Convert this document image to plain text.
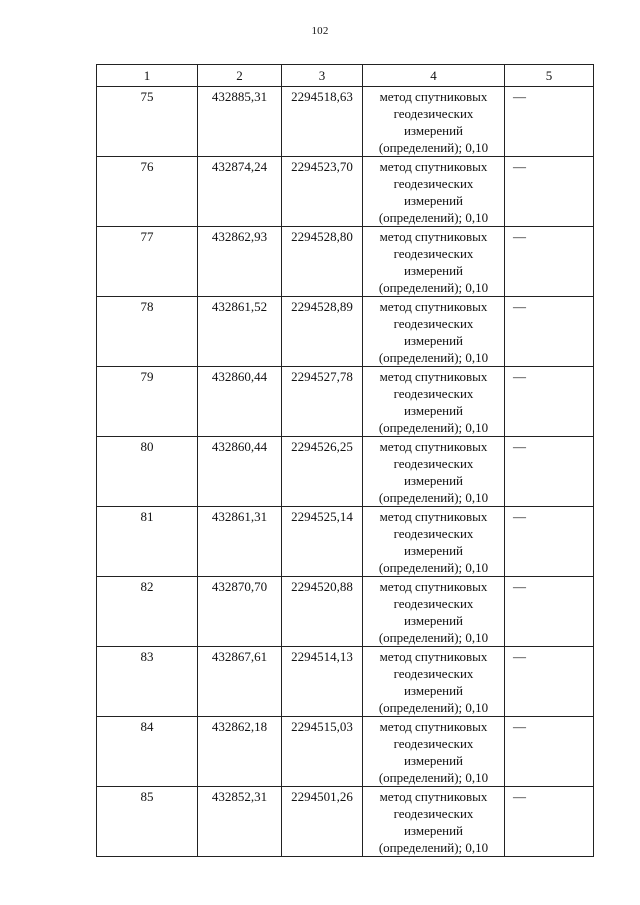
102
1	2	3	4	5
75	432885,31	2294518,63	метод спутниковых
геодезических
измерений
(определений); 0,10	—
76	432874,24	2294523,70	метод спутниковых
геодезических
измерений
(определений); 0,10	—
77	432862,93	2294528,80	метод спутниковых
геодезических
измерений
(определений); 0,10	—
78	432861,52	2294528,89	метод спутниковых
геодезических
измерений
(определений); 0,10	—
79	432860,44	2294527,78	метод спутниковых
геодезических
измерений
(определений); 0,10	—
80	432860,44	2294526,25	метод спутниковых
геодезических
измерений
(определений); 0,10	—
81	432861,31	2294525,14	метод спутниковых
геодезических
измерений
(определений); 0,10	—
82	432870,70	2294520,88	метод спутниковых
геодезических
измерений
(определений); 0,10	—
83	432867,61	2294514,13	метод спутниковых
геодезических
измерений
(определений); 0,10	—
84	432862,18	2294515,03	метод спутниковых
геодезических
измерений
(определений); 0,10	—
85	432852,31	2294501,26	метод спутниковых
геодезических
измерений
(определений); 0,10	—
